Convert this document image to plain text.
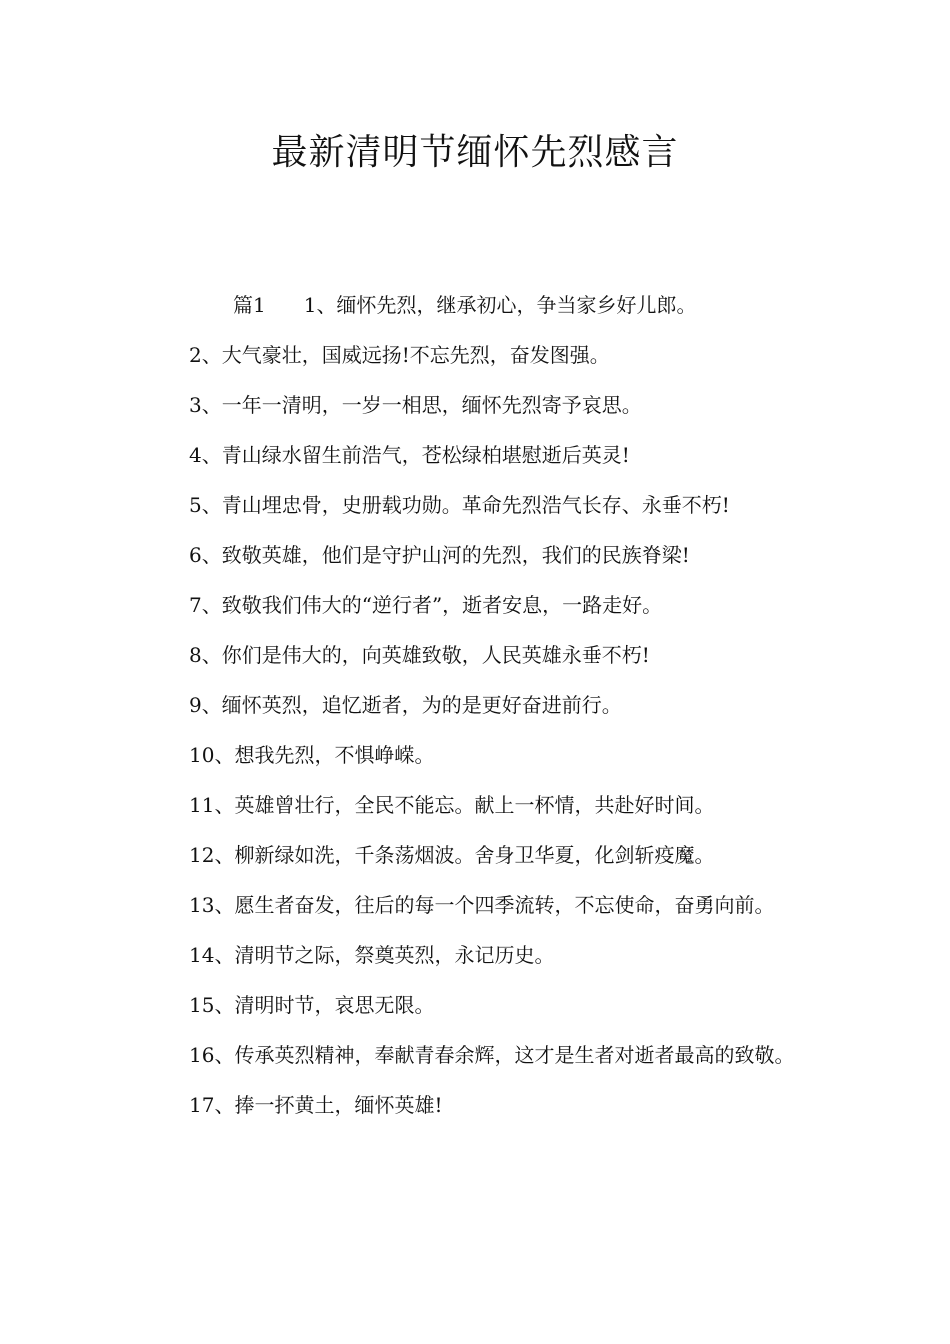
最新清明节缅怀先烈感言

篇1 1、缅怀先烈，继承初心，争当家乡好儿郎。

2、大气豪壮，国威远扬!不忘先烈，奋发图强。

3、一年一清明，一岁一相思，缅怀先烈寄予哀思。

4、青山绿水留生前浩气，苍松绿柏堪慰逝后英灵!

5、青山埋忠骨，史册载功勋。革命先烈浩气长存、永垂不朽!

6、致敬英雄，他们是守护山河的先烈，我们的民族脊梁!

7、致敬我们伟大的“逆行者”，逝者安息，一路走好。

8、你们是伟大的，向英雄致敬，人民英雄永垂不朽!

9、缅怀英烈，追忆逝者，为的是更好奋进前行。

10、想我先烈，不惧峥嵘。

11、英雄曾壮行，全民不能忘。献上一杯情，共赴好时间。

12、柳新绿如洗，千条荡烟波。舍身卫华夏，化剑斩疫魔。

13、愿生者奋发，往后的每一个四季流转，不忘使命，奋勇向前。

14、清明节之际，祭奠英烈，永记历史。

15、清明时节，哀思无限。

16、传承英烈精神，奉献青春余辉，这才是生者对逝者最高的致敬。

17、捧一抔黄土，缅怀英雄!
